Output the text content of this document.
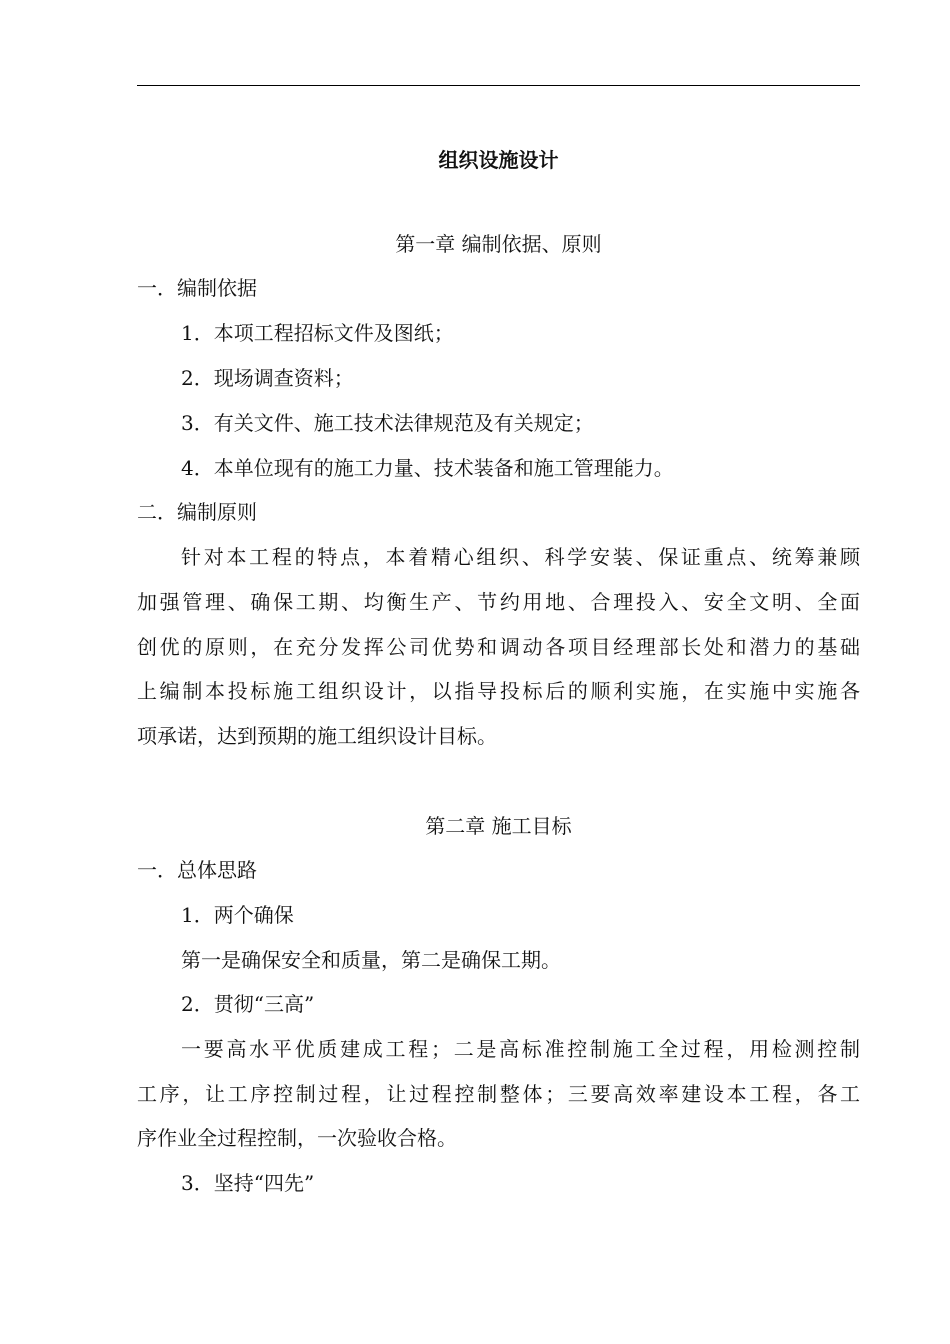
组织设施设计
第一章 编制依据、原则
一．编制依据
1．本项工程招标文件及图纸；
2．现场调查资料；
3．有关文件、施工技术法律规范及有关规定；
4．本单位现有的施工力量、技术装备和施工管理能力。
二．编制原则
针对本工程的特点，本着精心组织、科学安装、保证重点、统筹兼顾
加强管理、确保工期、均衡生产、节约用地、合理投入、安全文明、全面
创优的原则，在充分发挥公司优势和调动各项目经理部长处和潜力的基础
上编制本投标施工组织设计，以指导投标后的顺利实施，在实施中实施各
项承诺，达到预期的施工组织设计目标。
第二章 施工目标
一．总体思路
1．两个确保
第一是确保安全和质量，第二是确保工期。
2．贯彻“三高”
一要高水平优质建成工程；二是高标准控制施工全过程，用检测控制
工序，让工序控制过程，让过程控制整体；三要高效率建设本工程，各工
序作业全过程控制，一次验收合格。
3．坚持“四先”
